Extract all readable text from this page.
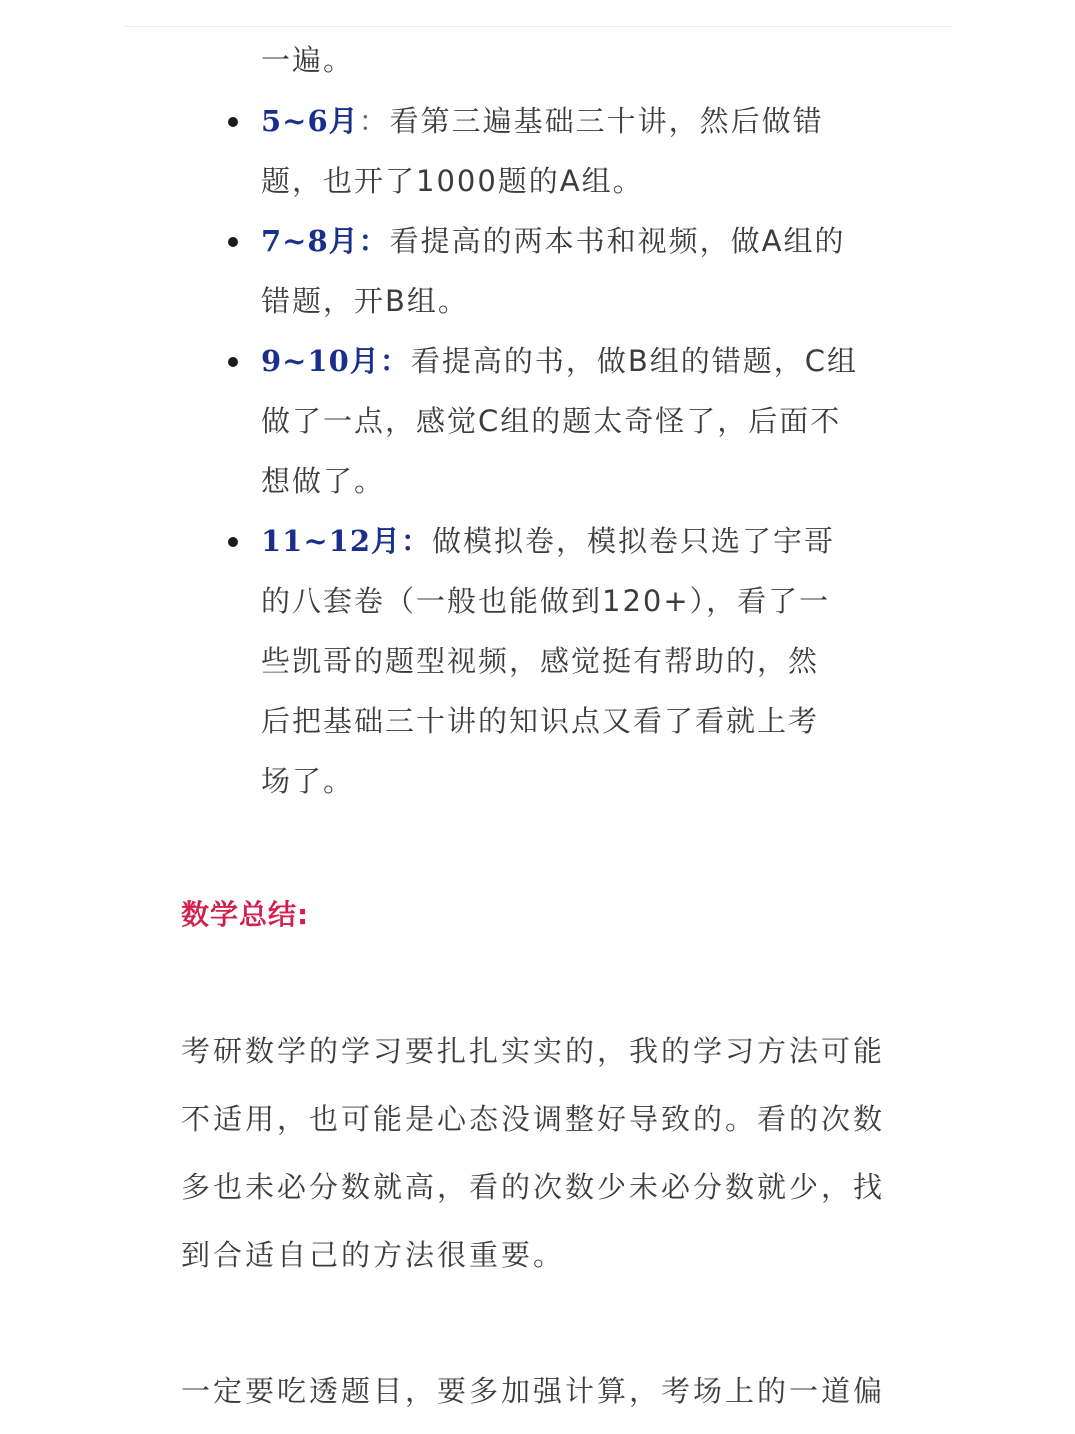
一遍。
5~6月：看第三遍基础三十讲，然后做错
题，也开了1000题的A组。
7~8月：看提高的两本书和视频，做A组的
错题，开B组。
9~10月：看提高的书，做B组的错题，C组
做了一点，感觉C组的题太奇怪了，后面不
想做了。
11~12月：做模拟卷，模拟卷只选了宇哥
的八套卷（一般也能做到120+），看了一
些凯哥的题型视频，感觉挺有帮助的，然
后把基础三十讲的知识点又看了看就上考
场了。
数学总结:
考研数学的学习要扎扎实实的，我的学习方法可能
不适用，也可能是心态没调整好导致的。看的次数
多也未必分数就高，看的次数少未必分数就少，找
到合适自己的方法很重要。
一定要吃透题目，要多加强计算，考场上的一道偏
